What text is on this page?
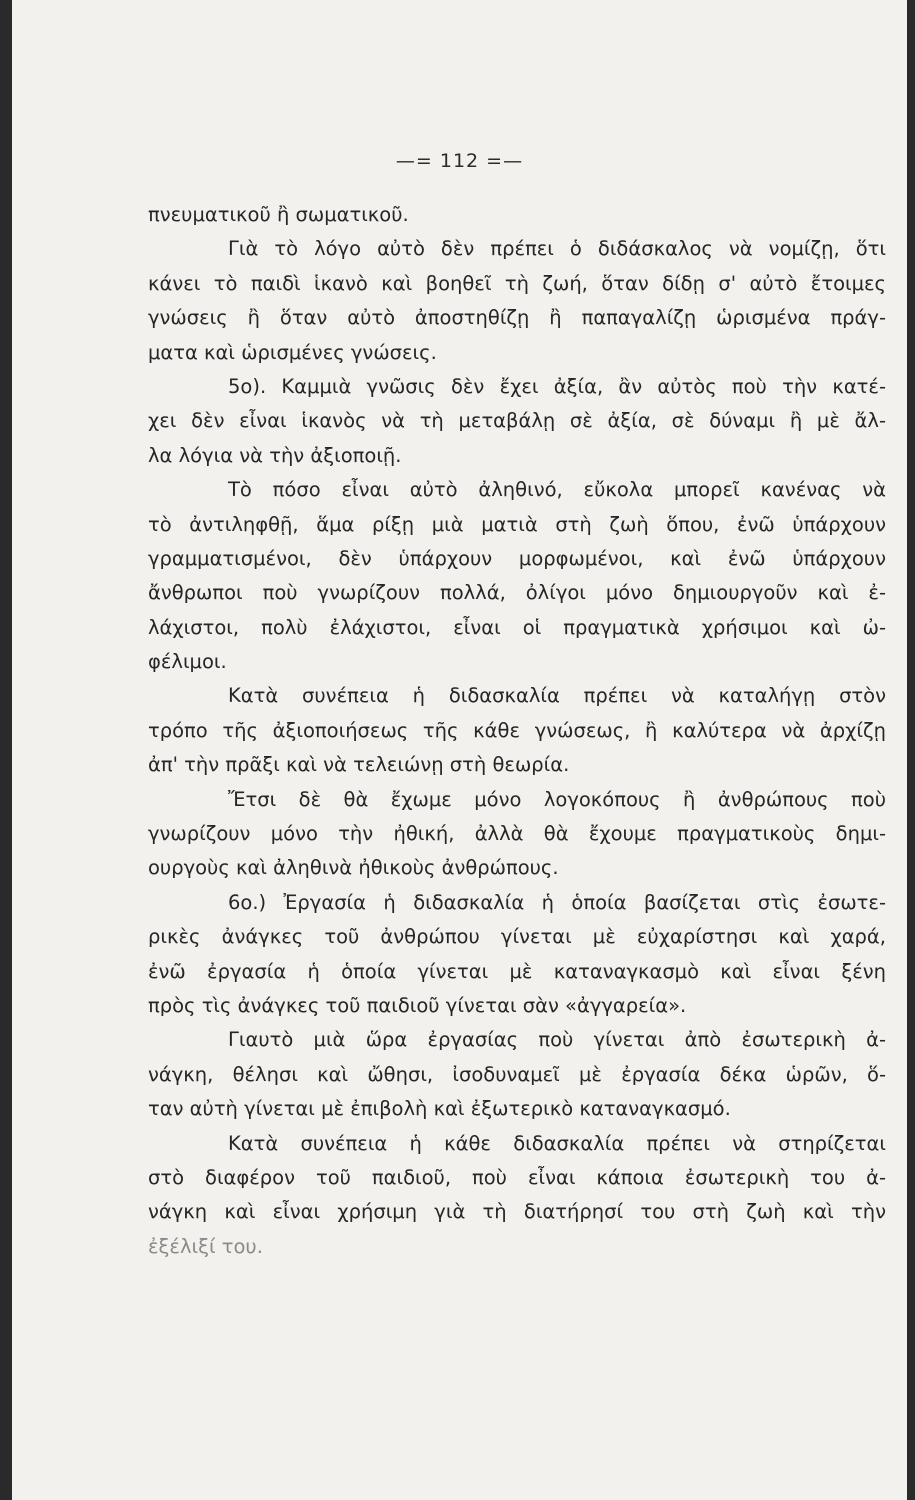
—= 112 =—
πνευματικοῦ ἢ σωματικοῦ.
Γιὰ τὸ λόγο αὐτὸ δὲν πρέπει ὁ διδάσκαλος νὰ νομίζῃ, ὅτι
κάνει τὸ παιδὶ ἱκανὸ καὶ βοηθεῖ τὴ ζωή, ὅταν δίδῃ σ' αὐτὸ ἔτοιμες
γνώσεις ἢ ὅταν αὐτὸ ἀποστηθίζῃ ἢ παπαγαλίζῃ ὡρισμένα πράγ-
ματα καὶ ὡρισμένες γνώσεις.
5ο). Καμμιὰ γνῶσις δὲν ἔχει ἀξία, ἂν αὐτὸς ποὺ τὴν κατέ-
χει δὲν εἶναι ἱκανὸς νὰ τὴ μεταβάλῃ σὲ ἀξία, σὲ δύναμι ἢ μὲ ἄλ-
λα λόγια νὰ τὴν ἀξιοποιῇ.
Τὸ πόσο εἶναι αὐτὸ ἀληθινό, εὔκολα μπορεῖ κανένας νὰ
τὸ ἀντιληφθῇ, ἅμα ρίξῃ μιὰ ματιὰ στὴ ζωὴ ὅπου, ἐνῶ ὑπάρχουν
γραμματισμένοι, δὲν ὑπάρχουν μορφωμένοι, καὶ ἐνῶ ὑπάρχουν
ἄνθρωποι ποὺ γνωρίζουν πολλά, ὀλίγοι μόνο δημιουργοῦν καὶ ἐ-
λάχιστοι, πολὺ ἐλάχιστοι, εἶναι οἱ πραγματικὰ χρήσιμοι καὶ ὠ-
φέλιμοι.
Κατὰ συνέπεια ἡ διδασκαλία πρέπει νὰ καταλήγῃ στὸν
τρόπο τῆς ἀξιοποιήσεως τῆς κάθε γνώσεως, ἢ καλύτερα νὰ ἀρχίζῃ
ἀπ' τὴν πρᾶξι καὶ νὰ τελειώνῃ στὴ θεωρία.
Ἔτσι δὲ θὰ ἔχωμε μόνο λογοκόπους ἢ ἀνθρώπους ποὺ
γνωρίζουν μόνο τὴν ἠθική, ἀλλὰ θὰ ἔχουμε πραγματικοὺς δημι-
ουργοὺς καὶ ἀληθινὰ ἠθικοὺς ἀνθρώπους.
6ο.) Ἐργασία ἡ διδασκαλία ἡ ὁποία βασίζεται στὶς ἐσωτε-
ρικὲς ἀνάγκες τοῦ ἀνθρώπου γίνεται μὲ εὐχαρίστησι καὶ χαρά,
ἐνῶ ἐργασία ἡ ὁποία γίνεται μὲ καταναγκασμὸ καὶ εἶναι ξένη
πρὸς τὶς ἀνάγκες τοῦ παιδιοῦ γίνεται σὰν «ἀγγαρεία».
Γιαυτὸ μιὰ ὥρα ἐργασίας ποὺ γίνεται ἀπὸ ἐσωτερικὴ ἀ-
νάγκη, θέλησι καὶ ὤθησι, ἰσοδυναμεῖ μὲ ἐργασία δέκα ὡρῶν, ὅ-
ταν αὐτὴ γίνεται μὲ ἐπιβολὴ καὶ ἐξωτερικὸ καταναγκασμό.
Κατὰ συνέπεια ἡ κάθε διδασκαλία πρέπει νὰ στηρίζεται
στὸ διαφέρον τοῦ παιδιοῦ, ποὺ εἶναι κάποια ἐσωτερικὴ του ἀ-
νάγκη καὶ εἶναι χρήσιμη γιὰ τὴ διατήρησί του στὴ ζωὴ καὶ τὴν
ἐξέλιξί του.
